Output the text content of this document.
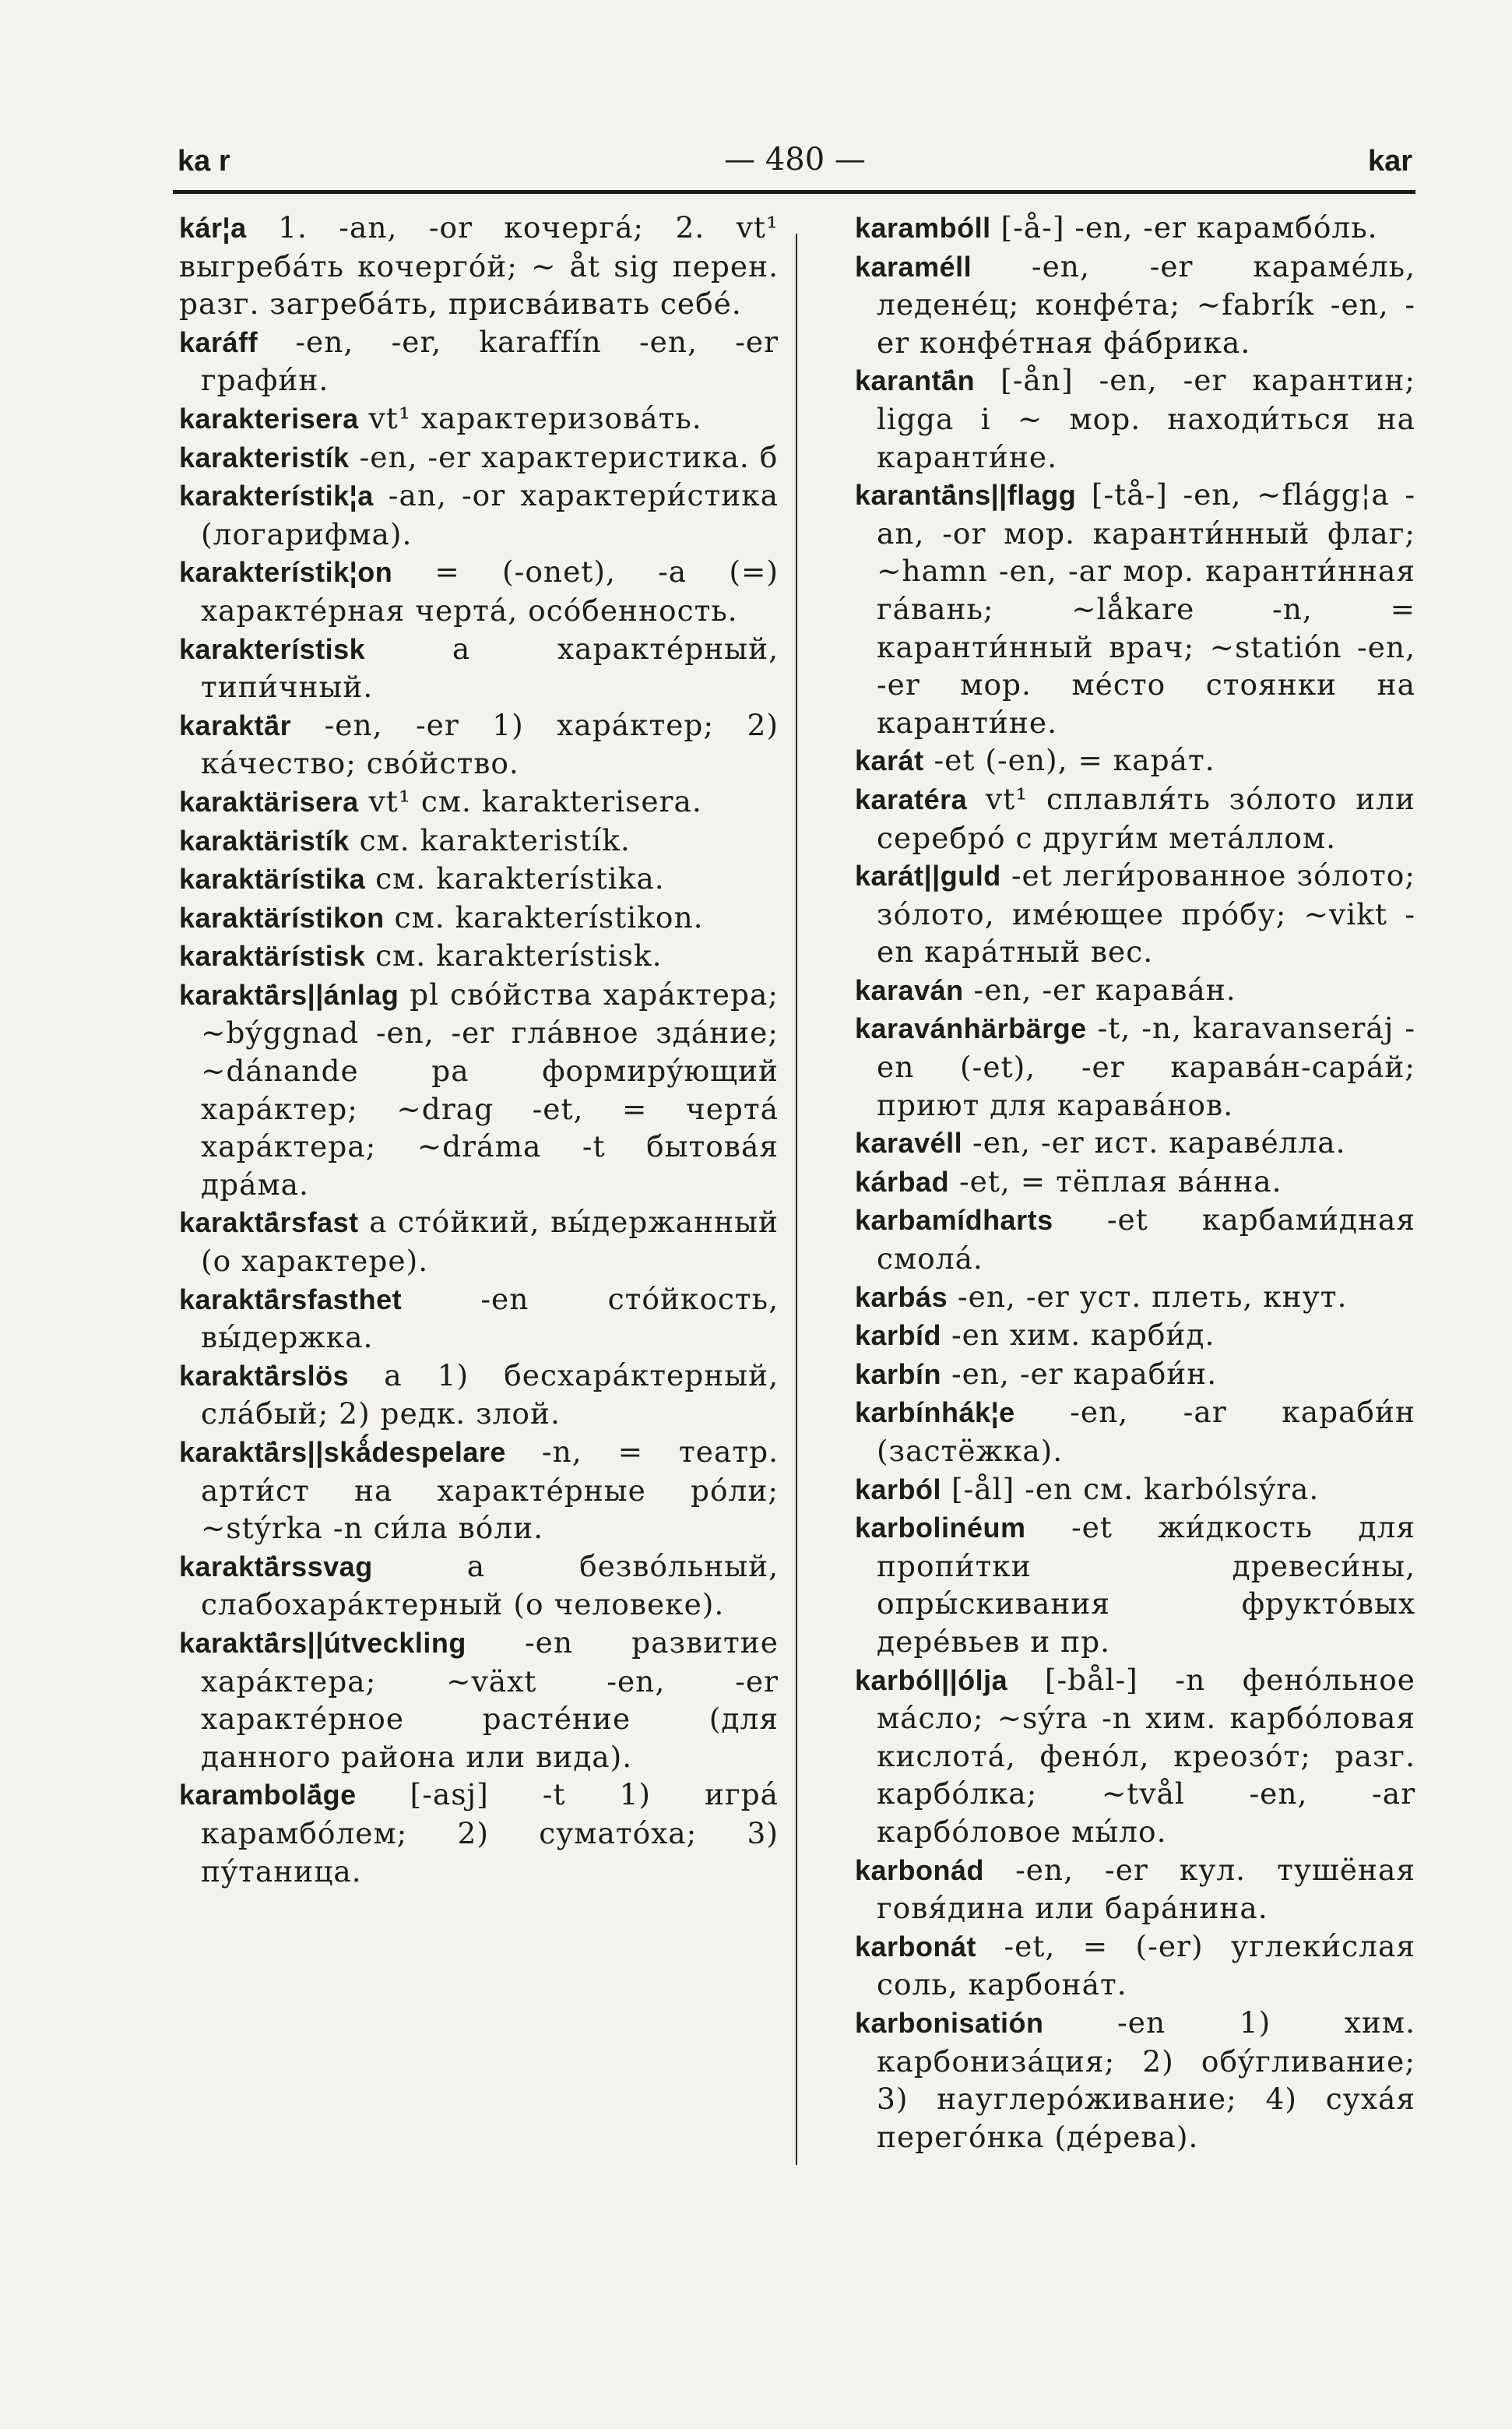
ka r	— 480 —	kar

kár¦a 1. -an, -or кочергá; 2. vt¹ выгребáть кочергóй; ~ åt sig перен. разг. загребáть, присвáивать себé.

karáff -en, -er, karaffín -en, -er графи́н.

karakterisera vt¹ характеризовáть.

karakteristík -en, -er характеристика. б

karakterístik¦a -an, -or характери́стика (логарифма).

karakterístik¦on = (-onet), -a (=) характéрная чертá, осóбенность.

karakterístisk a характéрный, типи́чный.

karaktä́r -en, -er 1) харáктер; 2) кáчество; свóйство.

karaktärisera vt¹ см. karakterisera.

karaktäristík см. karakteristík.

karaktärístika см. karakterístika.

karaktärístikon см. karakterístikon.

karaktärístisk см. karakterístisk.

karaktä́rs||ánlag pl свóйства харáктера; ~býggnad -en, -er глáвное здáние; ~dánande pa формирýющий харáктер; ~drag -et, = чертá харáктера; ~dráma -t бытовáя дрáма.

karaktä́rsfast a стóйкий, вы́держанный (о характере).

karaktä́rsfasthet -en стóйкость, вы́держка.

karaktä́rslös a 1) бесхарáктерный, слáбый; 2) редк. злой.

karaktä́rs||skǻdespelare -n, = театр. арти́ст на характéрные рóли; ~stýrka -n си́ла вóли.

karaktä́rssvag a безвóльный, слабохарáктерный (о человеке).

karaktä́rs||útveckling -en развитие харáктера; ~växt -en, -er характéрное растéние (для данного района или вида).

karambolá̈ge [-asj] -t 1) игрá карамбóлем; 2) суматóха; 3) пýтаница.

karambóll [-å-] -en, -er карамбóль.

karaméll -en, -er карамéль, леденéц; конфéта; ~fabrík -en, -er конфéтная фáбрика.

karantä́n [-ån] -en, -er карантин; ligga i ~ мор. находи́ться на каранти́не.

karantä́ns||flagg [-tå-] -en, ~flágg¦a -an, -or мор. каранти́нный флаг; ~hamn -en, -ar мор. каранти́нная гáвань; ~lǻkare -n, = каранти́нный врач; ~statión -en, -er мор. мéсто стоянки на каранти́не.

karát -et (-en), = карáт.

karatéra vt¹ сплавля́ть зóлото или серебрó с други́м метáллом.

karát||guld -et леги́рованное зóлото; зóлото, имéющее прóбу; ~vikt -en карáтный вес.

karaván -en, -er каравáн.

karavánhärbärge -t, -n, karavanseráj -en (-et), -er каравáн-сарáй; приют для каравáнов.

karavéll -en, -er ист. каравéлла.

kárbad -et, = тёплая вáнна.

karbamídharts -et карбами́дная смолá.

karbás -en, -er уст. плеть, кнут.

karbíd -en хим. карби́д.

karbín -en, -er караби́н.

karbínhák¦e -en, -ar караби́н (застёжка).

karból [-ål] -en см. karbólsýra.

karbolinéum -et жи́дкость для пропи́тки древеси́ны, опры́скивания фруктóвых дерéвьев и пр.

karból||ólja [-bål-] -n фенóльное мáсло; ~sýra -n хим. карбóловая кислотá, фенóл, креозóт; разг. карбóлка; ~tvål -en, -ar карбóловое мы́ло.

karbonád -en, -er кул. тушёная говя́дина или барáнина.

karbonát -et, = (-er) углеки́слая соль, карбонáт.

karbonisatión -en 1) хим. карбонизáция; 2) обýгливание; 3) науглерóживание; 4) сухáя перегóнка (дéрева).
